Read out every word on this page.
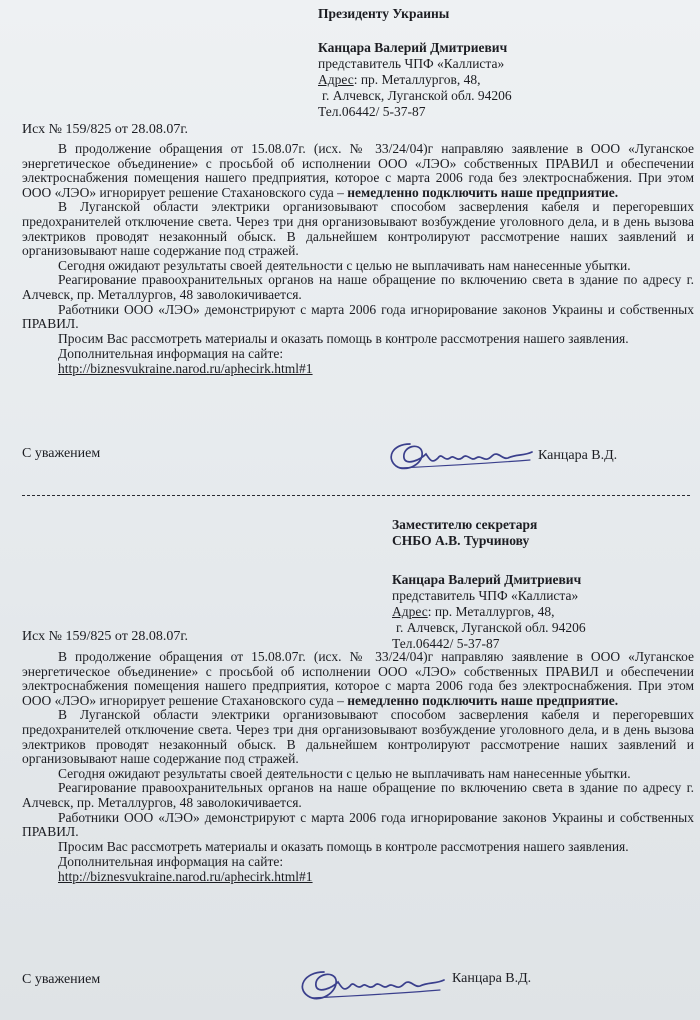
Президенту Украины
Канцара Валерий Дмитриевич
представитель ЧПФ «Каллиста»
Адрес: пр. Металлургов, 48,
г. Алчевск, Луганской обл. 94206
Тел.06442/ 5-37-87
Исх № 159/825 от 28.08.07г.

В продолжение обращения от 15.08.07г. (исх. № 33/24/04)г направляю заявление в ООО «Луганское энергетическое объединение» с просьбой об исполнении ООО «ЛЭО» собственных ПРАВИЛ и обеспечении электроснабжения помещения нашего предприятия, которое с марта 2006 года без электроснабжения. При этом ООО «ЛЭО» игнорирует решение Стахановского суда – немедленно подключить наше предприятие.

В Луганской области электрики организовывают способом засверления кабеля и перегоревших предохранителей отключение света. Через три дня организовывают возбуждение уголовного дела, и в день вызова электриков проводят незаконный обыск. В дальнейшем контролируют рассмотрение наших заявлений и организовывают наше содержание под стражей.

Сегодня ожидают результаты своей деятельности с целью не выплачивать нам нанесенные убытки.

Реагирование правоохранительных органов на наше обращение по включению света в здание по адресу г. Алчевск, пр. Металлургов, 48 заволокичивается.

Работники ООО «ЛЭО» демонстрируют с марта 2006 года игнорирование законов Украины и собственных ПРАВИЛ.

Просим Вас рассмотреть материалы и оказать помощь в контроле рассмотрения нашего заявления.

Дополнительная информация на сайте:
http://biznesvukraine.narod.ru/aphecirk.html#1
С уважением	Канцара В.Д.
Заместителю секретаря
СНБО А.В. Турчинову
Канцара Валерий Дмитриевич
представитель ЧПФ «Каллиста»
Адрес: пр. Металлургов, 48,
г. Алчевск, Луганской обл. 94206
Тел.06442/ 5-37-87
Исх № 159/825 от 28.08.07г.

В продолжение обращения от 15.08.07г. (исх. № 33/24/04)г направляю заявление в ООО «Луганское энергетическое объединение» с просьбой об исполнении ООО «ЛЭО» собственных ПРАВИЛ и обеспечении электроснабжения помещения нашего предприятия, которое с марта 2006 года без электроснабжения. При этом ООО «ЛЭО» игнорирует решение Стахановского суда – немедленно подключить наше предприятие.

В Луганской области электрики организовывают способом засверления кабеля и перегоревших предохранителей отключение света. Через три дня организовывают возбуждение уголовного дела, и в день вызова электриков проводят незаконный обыск. В дальнейшем контролируют рассмотрение наших заявлений и организовывают наше содержание под стражей.

Сегодня ожидают результаты своей деятельности с целью не выплачивать нам нанесенные убытки.

Реагирование правоохранительных органов на наше обращение по включению света в здание по адресу г. Алчевск, пр. Металлургов, 48 заволокичивается.

Работники ООО «ЛЭО» демонстрируют с марта 2006 года игнорирование законов Украины и собственных ПРАВИЛ.

Просим Вас рассмотреть материалы и оказать помощь в контроле рассмотрения нашего заявления.

Дополнительная информация на сайте:
http://biznesvukraine.narod.ru/aphecirk.html#1
С уважением	Канцара В.Д.
